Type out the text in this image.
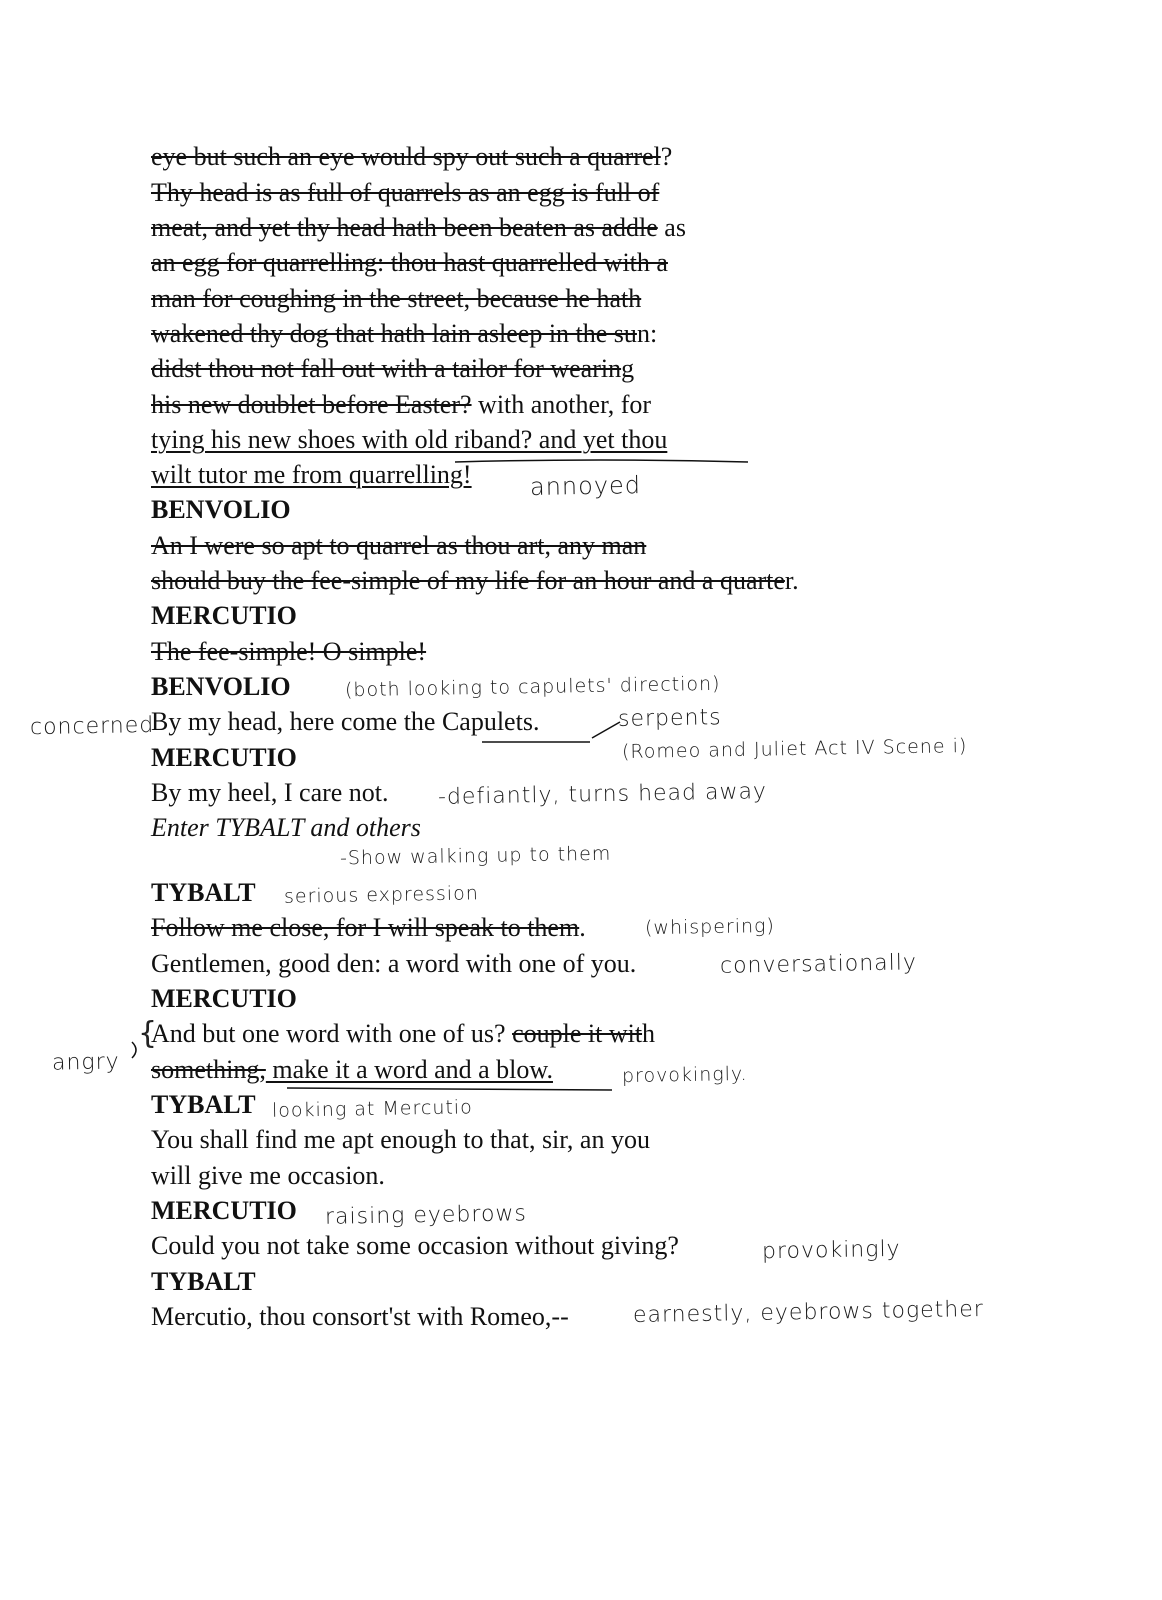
eye but such an eye would spy out such a quarrel?
Thy head is as full of quarrels as an egg is full of
meat, and yet thy head hath been beaten as addle as
an egg for quarrelling: thou hast quarrelled with a
man for coughing in the street, because he hath
wakened thy dog that hath lain asleep in the sun:
didst thou not fall out with a tailor for wearing
his new doublet before Easter? with another, for
tying his new shoes with old riband? and yet thou
wilt tutor me from quarrelling!
BENVOLIO
An I were so apt to quarrel as thou art, any man
should buy the fee-simple of my life for an hour and a quarter.
MERCUTIO
The fee-simple! O simple!
BENVOLIO
By my head, here come the Capulets.
MERCUTIO
By my heel, I care not.
Enter TYBALT and others
TYBALT
Follow me close, for I will speak to them.
Gentlemen, good den: a word with one of you.
MERCUTIO
And but one word with one of us? couple it with
something, make it a word and a blow.
TYBALT
You shall find me apt enough to that, sir, an you
will give me occasion.
MERCUTIO
Could you not take some occasion without giving?
TYBALT
Mercutio, thou consort'st with Romeo,--
annoyed
(both looking to capulets' direction)
concerned	serpents
(Romeo and Juliet Act IV Scene i)
-defiantly, turns head away
-Show walking up to them
serious expression
(whispering)
conversationally
{
angry	provokingly.
looking at Mercutio
raising eyebrows
provokingly
earnestly, eyebrows together
